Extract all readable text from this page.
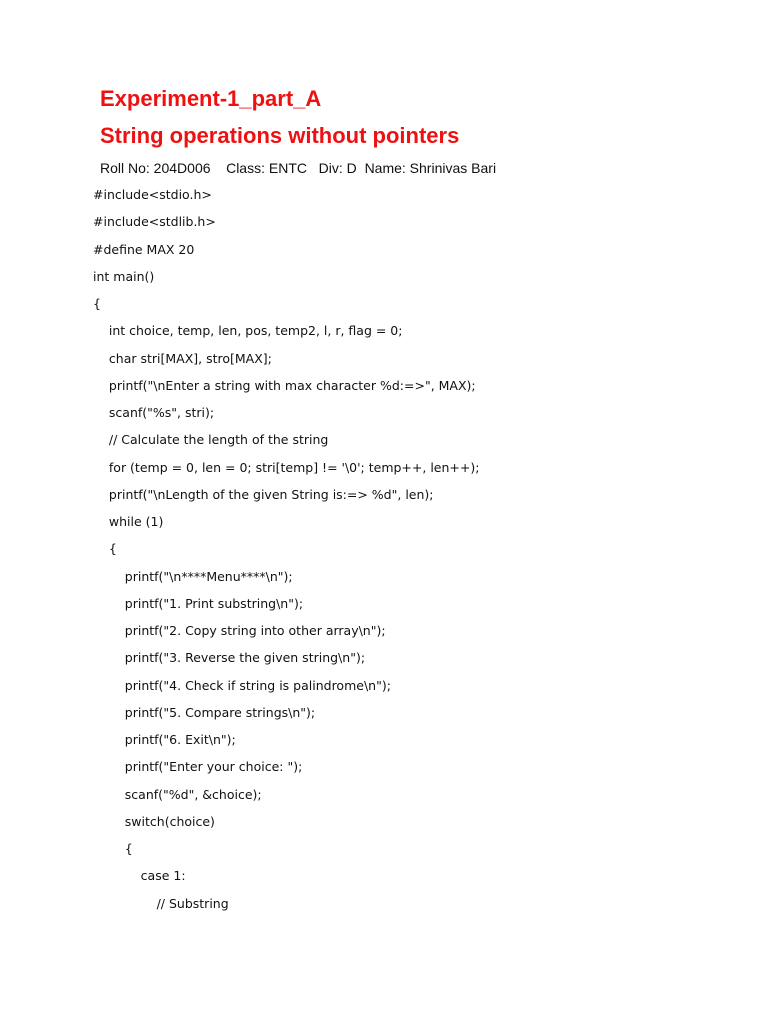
Experiment-1_part_A
String operations without pointers
Roll No: 204D006 Class: ENTC Div: D Name: Shrinivas Bari
#include<stdio.h>
#include<stdlib.h>
#define MAX 20
int main()
{
int choice, temp, len, pos, temp2, l, r, flag = 0;
char stri[MAX], stro[MAX];
printf("\nEnter a string with max character %d:=>", MAX);
scanf("%s", stri);
// Calculate the length of the string
for (temp = 0, len = 0; stri[temp] != '\0'; temp++, len++);
printf("\nLength of the given String is:=> %d", len);
while (1)
{
printf("\n****Menu****\n");
printf("1. Print substring\n");
printf("2. Copy string into other array\n");
printf("3. Reverse the given string\n");
printf("4. Check if string is palindrome\n");
printf("5. Compare strings\n");
printf("6. Exit\n");
printf("Enter your choice: ");
scanf("%d", &choice);
switch(choice)
{
case 1:
// Substring
